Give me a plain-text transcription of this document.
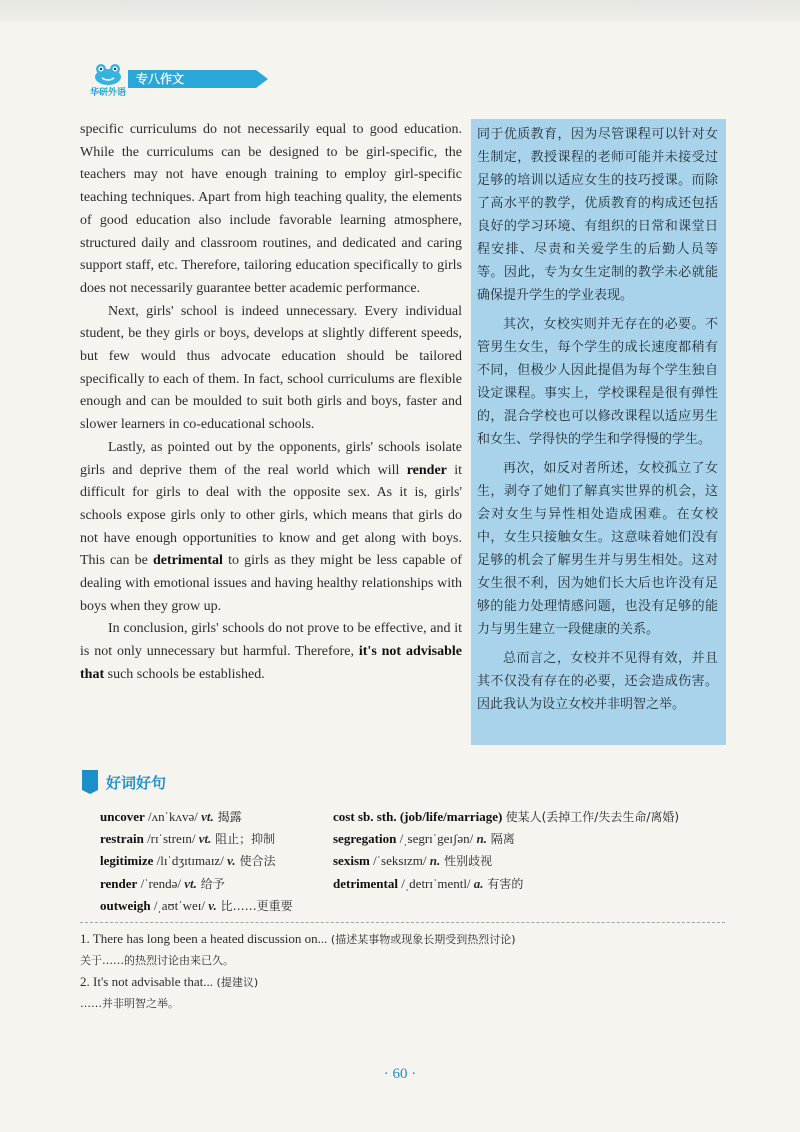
华研外语
专八作文

specific curriculums do not necessarily equal to good education. While the curriculums can be designed to be girl-specific, the teachers may not have enough training to employ girl-specific teaching techniques. Apart from high teaching quality, the elements of good education also include favorable learning atmosphere, structured daily and classroom routines, and dedicated and caring support staff, etc. Therefore, tailoring education specifically to girls does not necessarily guarantee better academic performance.

Next, girls' school is indeed unnecessary. Every individual student, be they girls or boys, develops at slightly different speeds, but few would thus advocate education should be tailored specifically to each of them. In fact, school curriculums are flexible enough and can be moulded to suit both girls and boys, faster and slower learners in co-educational schools.

Lastly, as pointed out by the opponents, girls' schools isolate girls and deprive them of the real world which will render it difficult for girls to deal with the opposite sex. As it is, girls' schools expose girls only to other girls, which means that girls do not have enough opportunities to know and get along with boys. This can be detrimental to girls as they might be less capable of dealing with emotional issues and having healthy relationships with boys when they grow up.

In conclusion, girls' schools do not prove to be effective, and it is not only unnecessary but harmful. Therefore, it's not advisable that such schools be established.

同于优质教育，因为尽管课程可以针对女生制定，教授课程的老师可能并未接受过足够的培训以适应女生的技巧授课。而除了高水平的教学，优质教育的构成还包括良好的学习环境、有组织的日常和课堂日程安排、尽责和关爱学生的后勤人员等等。因此，专为女生定制的教学未必就能确保提升学生的学业表现。

其次，女校实则并无存在的必要。不管男生女生，每个学生的成长速度都稍有不同，但极少人因此提倡为每个学生独自设定课程。事实上，学校课程是很有弹性的，混合学校也可以修改课程以适应男生和女生、学得快的学生和学得慢的学生。

再次，如反对者所述，女校孤立了女生，剥夺了她们了解真实世界的机会，这会对女生与异性相处造成困难。在女校中，女生只接触女生。这意味着她们没有足够的机会了解男生并与男生相处。这对女生很不利，因为她们长大后也许没有足够的能力处理情感问题，也没有足够的能力与男生建立一段健康的关系。

总而言之，女校并不见得有效，并且其不仅没有存在的必要，还会造成伤害。因此我认为设立女校并非明智之举。

好词好句
uncover /ʌnˈkʌvə/ vt. 揭露
restrain /rɪˈstreɪn/ vt. 阻止；抑制
legitimize /lɪˈdʒɪtɪmaɪz/ v. 使合法
render /ˈrendə/ vt. 给予
outweigh /ˌaʊtˈweɪ/ v. 比……更重要
cost sb. sth. (job/life/marriage) 使某人(丢掉工作/失去生命/离婚)
segregation /ˌsegrɪˈgeɪʃən/ n. 隔离
sexism /ˈseksɪzm/ n. 性别歧视
detrimental /ˌdetrɪˈmentl/ a. 有害的
1. There has long been a heated discussion on... (描述某事物或现象长期受到热烈讨论)
关于……的热烈讨论由来已久。
2. It's not advisable that... (提建议)
……并非明智之举。
· 60 ·
